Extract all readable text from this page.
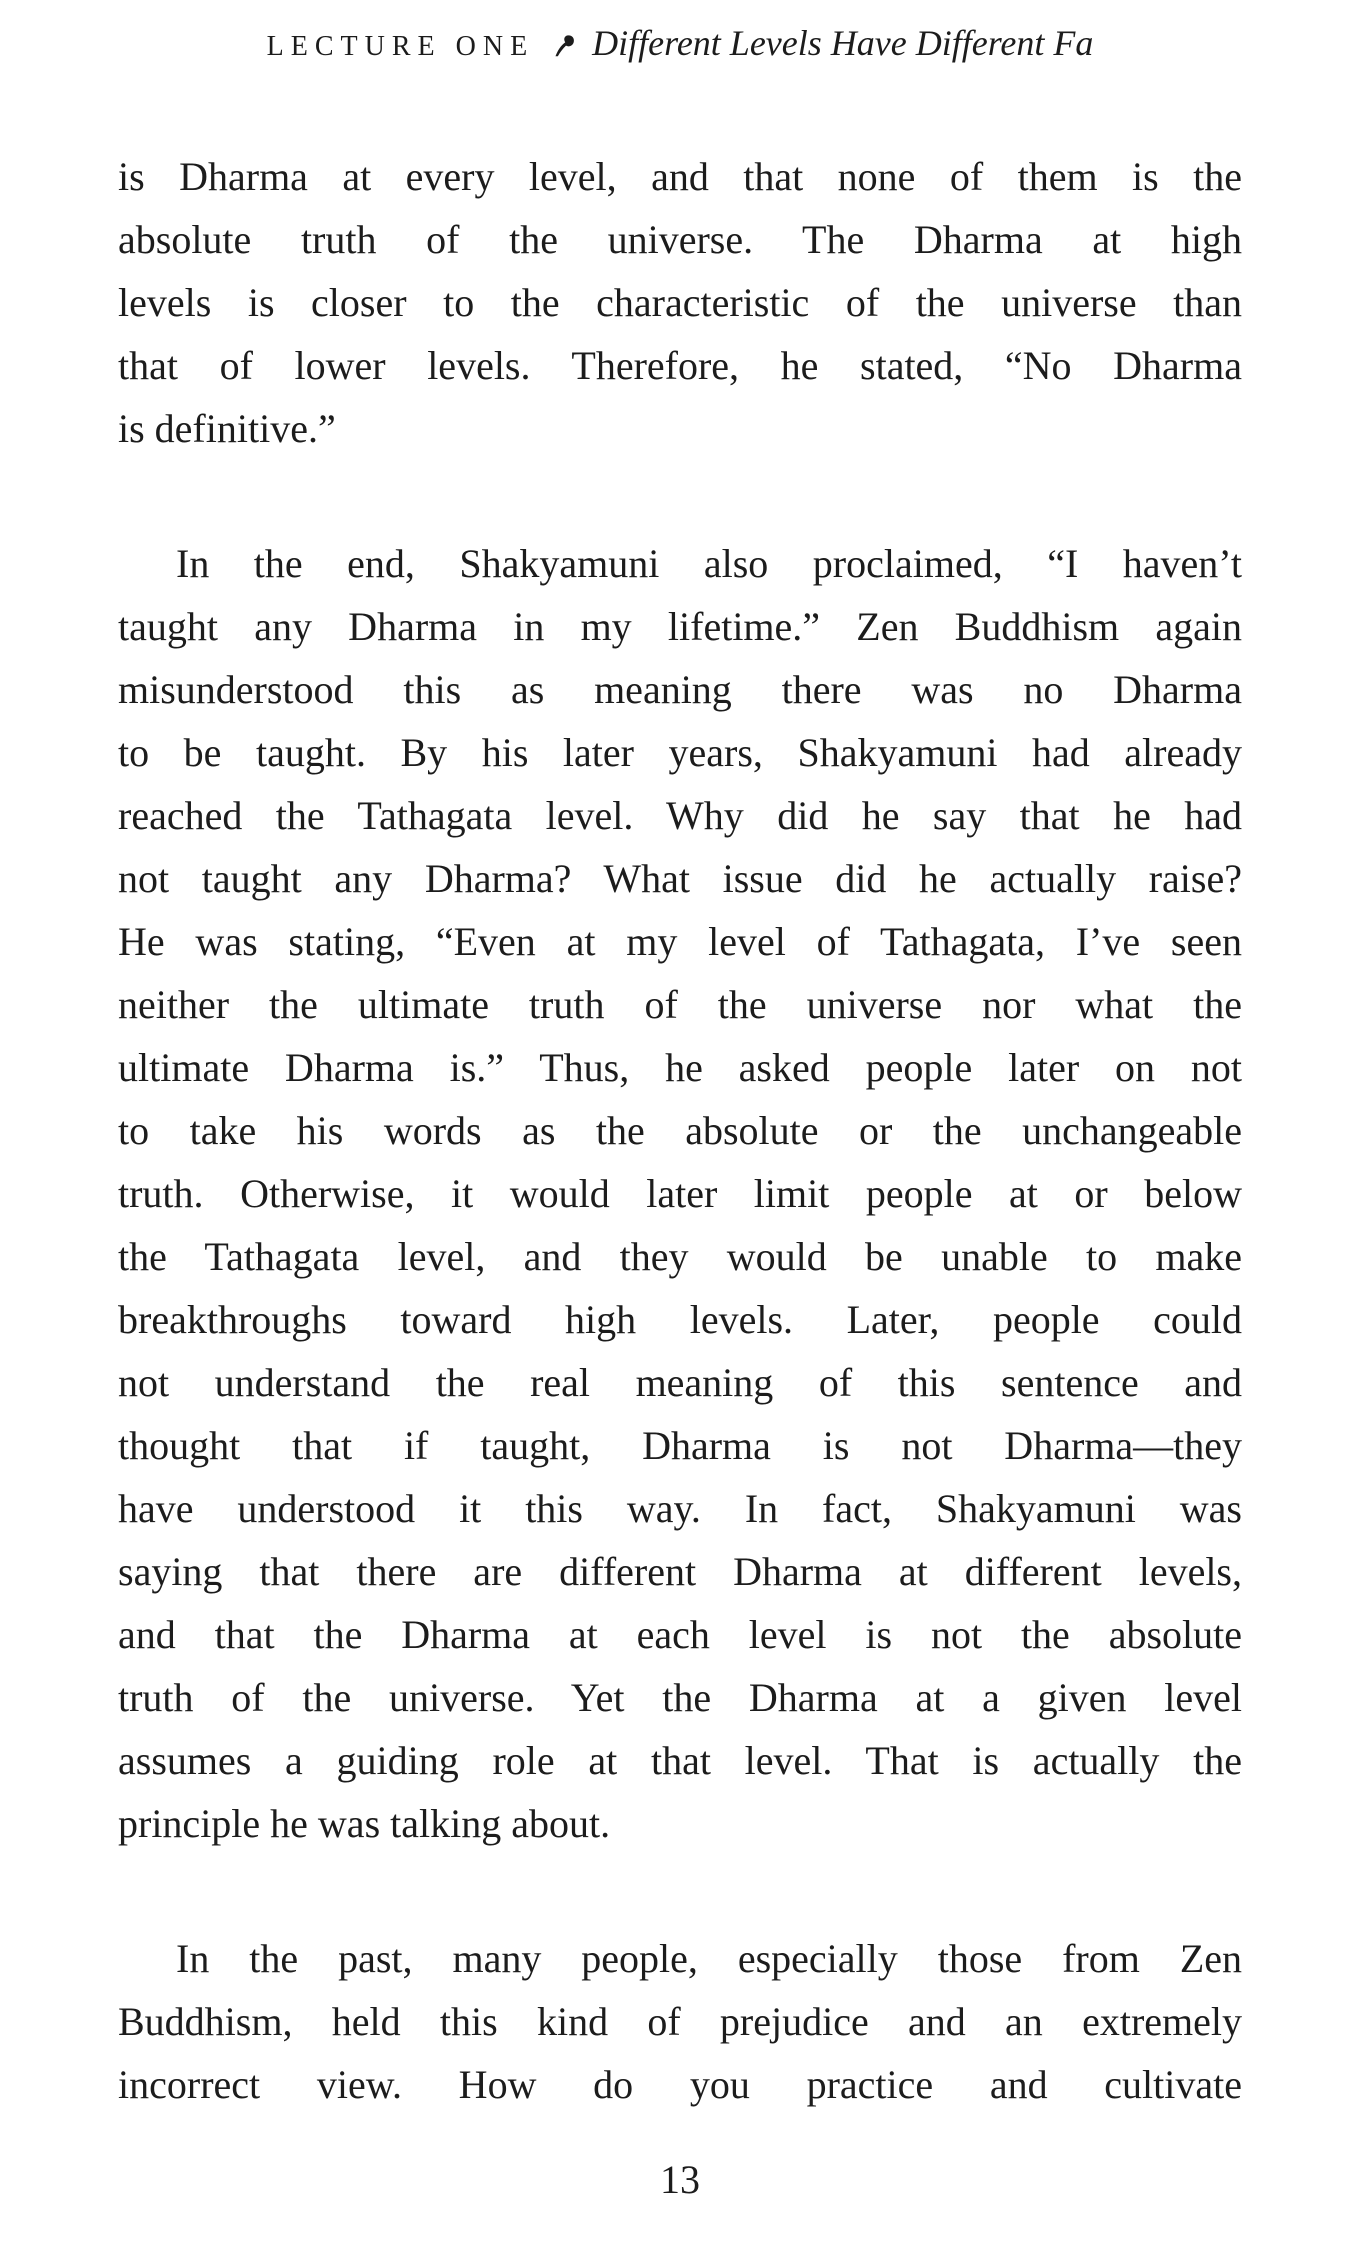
LECTURE ONE Different Levels Have Different Fa
is Dharma at every level, and that none of them is the
absolute truth of the universe. The Dharma at high
levels is closer to the characteristic of the universe than
that of lower levels. Therefore, he stated, “No Dharma
is definitive.”
In the end, Shakyamuni also proclaimed, “I haven’t
taught any Dharma in my lifetime.” Zen Buddhism again
misunderstood this as meaning there was no Dharma
to be taught. By his later years, Shakyamuni had already
reached the Tathagata level. Why did he say that he had
not taught any Dharma? What issue did he actually raise?
He was stating, “Even at my level of Tathagata, I’ve seen
neither the ultimate truth of the universe nor what the
ultimate Dharma is.” Thus, he asked people later on not
to take his words as the absolute or the unchangeable
truth. Otherwise, it would later limit people at or below
the Tathagata level, and they would be unable to make
breakthroughs toward high levels. Later, people could
not understand the real meaning of this sentence and
thought that if taught, Dharma is not Dharma—they
have understood it this way. In fact, Shakyamuni was
saying that there are different Dharma at different levels,
and that the Dharma at each level is not the absolute
truth of the universe. Yet the Dharma at a given level
assumes a guiding role at that level. That is actually the
principle he was talking about.
In the past, many people, especially those from Zen
Buddhism, held this kind of prejudice and an extremely
incorrect view. How do you practice and cultivate
13
